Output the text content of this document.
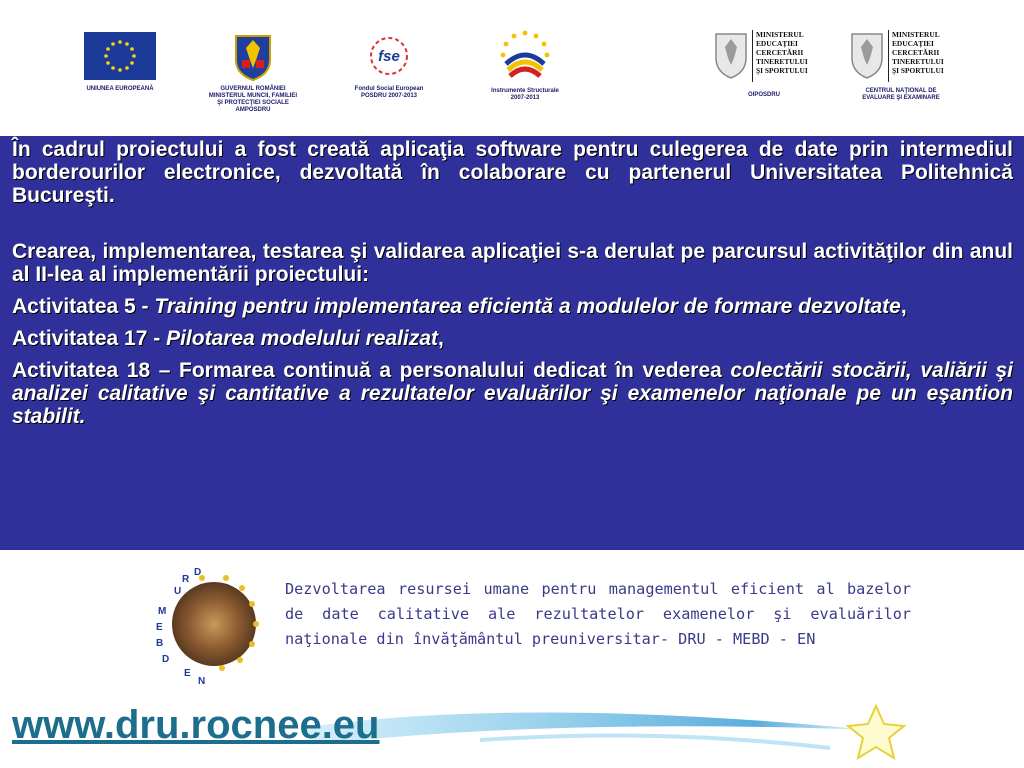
UNIUNEA EUROPEANĂ	GUVERNUL ROMÂNIEI
MINISTERUL MUNCII, FAMILIEI
ŞI PROTECŢIEI SOCIALE
AMPOSDRU
fse
Fondul Social European
POSDRU 2007-2013
Instrumente Structurale
2007-2013
MINISTERUL
EDUCAŢIEI
CERCETĂRII
TINERETULUI
ŞI SPORTULUI
OIPOSDRU
MINISTERUL
EDUCAŢIEI
CERCETĂRII
TINERETULUI
ŞI SPORTULUI
CENTRUL NAŢIONAL DE
EVALUARE ŞI EXAMINARE

În cadrul proiectului a fost creată aplicaţia software pentru culegerea de date prin intermediul borderourilor electronice, dezvoltată în colaborare cu partenerul Universitatea Politehnică Bucureşti.

Crearea, implementarea, testarea şi validarea aplicaţiei s-a derulat pe parcursul activităţilor din anul al II-lea al implementării proiectului:

Activitatea 5 - Training pentru implementarea eficientă a modulelor de formare dezvoltate,

Activitatea 17 - Pilotarea modelului realizat,

Activitatea 18 – Formarea continuă a personalului dedicat în vederea colectării stocării, valiării şi analizei calitative şi cantitative a rezultatelor evaluărilor şi examenelor naţionale pe un eşantion stabilit.

U
R
D
M
E
B
D
E
N
Dezvoltarea resursei umane pentru managementul eficient al bazelor de date calitative ale rezultatelor examenelor şi evaluărilor naţionale din învăţământul preuniversitar- DRU - MEBD - EN
www.dru.rocnee.eu
